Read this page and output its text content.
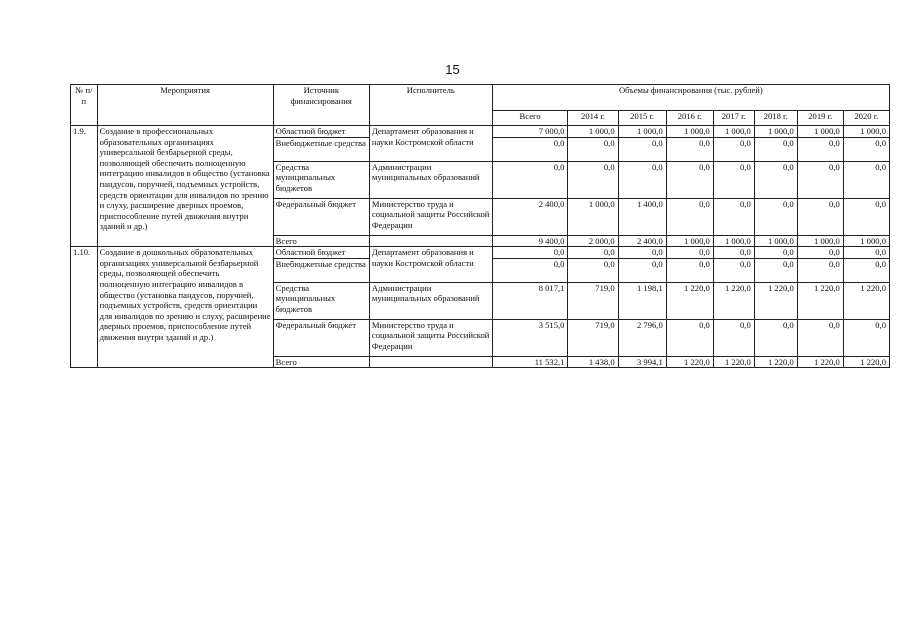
15
№ п/п	Мероприятия	Источник финансирования	Исполнитель	Объемы финансирования (тыс. рублей)							
				Всего	2014 г.	2015 г.	2016 г.	2017 г.	2018 г.	2019 г.	2020 г.
1.9.	Создание в профессиональных образовательных организациях универсальной безбарьерной среды, позволяющей обеспечить полноценную интеграцию инвалидов в общество (установка пандусов, поручней, подъемных устройств, средств ориентации для инвалидов по зрению и слуху, расширение дверных проемов, приспособление путей движения внутри зданий и др.)	Областной бюджет	Департамент образования и науки Костромской области	7 000,0	1 000,0	1 000,0	1 000,0	1 000,0	1 000,0	1 000,0	1 000,0
		Внебюджетные средства		0,0	0,0	0,0	0,0	0,0	0,0	0,0	0,0
		Средства муниципальных бюджетов	Администрации муниципальных образований	0,0	0,0	0,0	0,0	0,0	0,0	0,0	0,0
		Федеральный бюджет	Министерство труда и социальной защиты Российской Федерации	2 400,0	1 000,0	1 400,0	0,0	0,0	0,0	0,0	0,0
		Всего		9 400,0	2 000,0	2 400,0	1 000,0	1 000,0	1 000,0	1 000,0	1 000,0
1.10.	Создание в дошкольных образовательных организациях универсальной безбарьерной среды, позволяющей обеспечить полноценную интеграцию инвалидов в общество (установка пандусов, поручней, подъемных устройств, средств ориентации для инвалидов по зрению и слуху, расширение дверных проемов, приспособление путей движения внутри зданий и др.)	Областной бюджет	Департамент образования и науки Костромской области	0,0	0,0	0,0	0,0	0,0	0,0	0,0	0,0
		Внебюджетные средства		0,0	0,0	0,0	0,0	0,0	0,0	0,0	0,0
		Средства муниципальных бюджетов	Администрации муниципальных образований	8 017,1	719,0	1 198,1	1 220,0	1 220,0	1 220,0	1 220,0	1 220,0
		Федеральный бюджет	Министерство труда и социальной защиты Российской Федерации	3 515,0	719,0	2 796,0	0,0	0,0	0,0	0,0	0,0
		Всего		11 532,1	1 438,0	3 994,1	1 220,0	1 220,0	1 220,0	1 220,0	1 220,0
